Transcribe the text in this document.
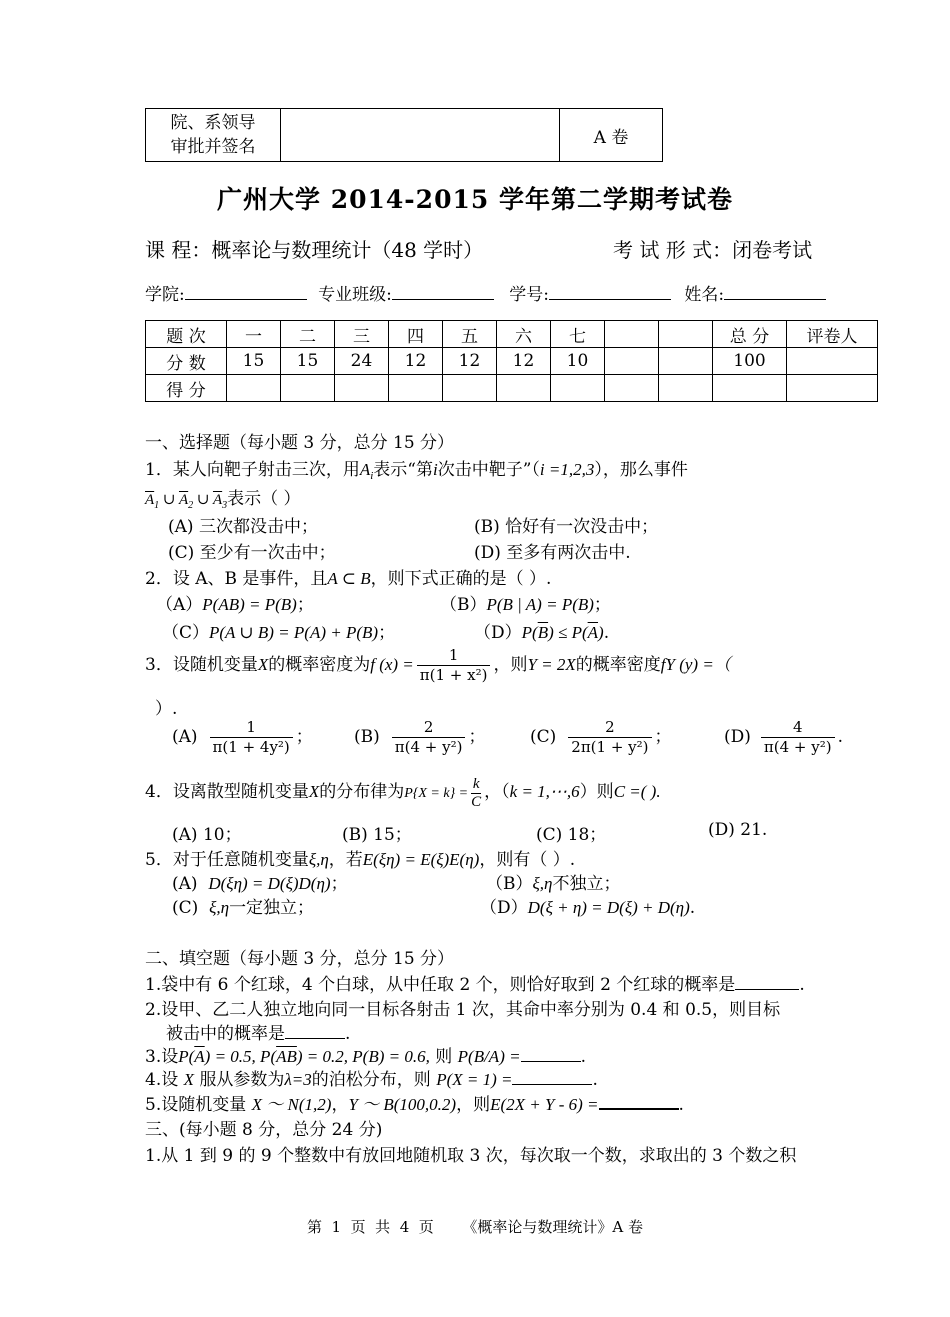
院、系领导
审批并签名		A 卷
广州大学 2014-2015 学年第二学期考试卷
课 程：概率论与数理统计（48 学时）	考 试 形 式：闭卷考试
学院:	专业班级:	学号:	姓名:
题 次	一	二	三	四	五	六	七			总 分	评卷人
分 数	15	15	24	12	12	12	10			100	
得 分											
一、选择题（每小题 3 分，总分 15 分）
1．某人向靶子射击三次，用$A_i$表示“第i次击中靶子”（i =1,2,3），那么事件
$\overline{A}_1$ ∪ $\overline{A}_2$ ∪ $\overline{A}_3$表示（ ）
(A) 三次都没击中；	(B) 恰好有一次没击中；
(C) 至少有一次击中；	(D) 至多有两次击中.
2．设 A、B 是事件，且A ⊂ B，则下式正确的是（ ）.
（A）P(AB) = P(B)；	（B）P(B | A) = P(B)；
（C）P(A ∪ B) = P(A) + P(B)；	$(D)P(\overline{B}) \le P(\overline{A})$.
3．设随机变量X的概率密度为f $(x) = \frac{1}{\text{π(1 + x²)}}$ ，则Y = 2X的概率密度fY (y) =（
）.
$(A) \frac{1}{\text{π(1 + 4y²)}}$ ； $(B) \frac{2}{\text{π(4 + y²)}}$ ；	$(C) \frac{2}{\text{2π(1 + y²)}}$ ；	$(D) \frac{4}{\text{π(4 + y²)}}$ .
4．设离散型随机变量X的分布律为$P\{X = k\} = \frac{k}{C}$ ，（k = 1,⋯,6）则C =( ).
(A) 10；	(B) 15；	(C) 18；	(D) 21.
5．对于任意随机变量ξ,η，若E(ξη) = E(ξ)E(η)，则有（ ）.
(A) D(ξη) = D(ξ)D(η)；	（B）ξ,η不独立；
(C) ξ,η一定独立；	（D）D(ξ + η) = D(ξ) + D(η).
二、填空题（每小题 3 分，总分 15 分）
1.袋中有 6 个红球，4 个白球，从中任取 2 个，则恰好取到 2 个红球的概率是	.
2.设甲、乙二人独立地向同一目标各射击 1 次，其命中率分别为 0.4 和 0.5，则目标
被击中的概率是	.
3.设$P(\overline{A}) = 0.5$, $P(\overline{AB}) = 0.2$, P(B) = 0.6, 则 P(B/A) =	.
4.设 X 服从参数为λ=3的泊松分布，则 P(X = 1) =	.
5.设随机变量 X ～ N(1,2)，Y ～ B(100,0.2)，则E(2X + Y - 6) =	.
三、(每小题 8 分，总分 24 分)
1.从 1 到 9 的 9 个整数中有放回地随机取 3 次，每次取一个数，求取出的 3 个数之积
第  1  页  共  4  页      《概率论与数理统计》A 卷
